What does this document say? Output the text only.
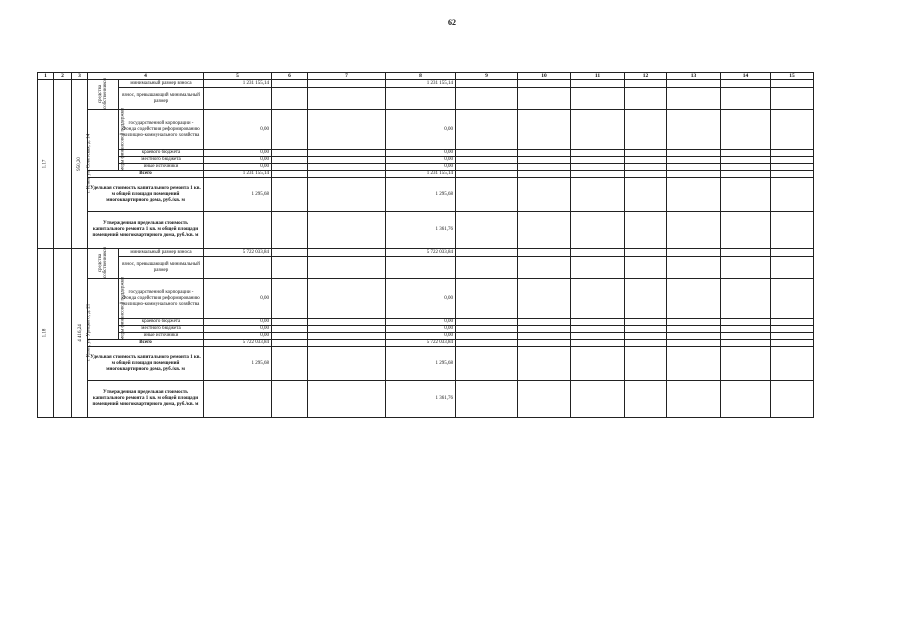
62
1	2	3	4		5	6	7	8	9	10	11	12	13	14	15
1.17	г. Клин, ул. Советская, д. 14	950,20	средства собственников	минимальный размер взноса	1 231 155,14			1 231 155,14							
				взнос, превышающий минимальный размер											
			меры финансовой поддержки	государственной корпорации - Фонда содействия реформированию жилищно-коммунального хозяйства	0,00			0,00							
				краевого бюджета	0,00			0,00							
				местного бюджета	0,00			0,00							
				иные источники	0,00			0,00							
			Всего		1 231 155,14			1 231 155,14							
			Удельная стоимость капитального ремонта 1 кв. м общей площади помещений многоквартирного дома, руб./кв. м		1 295,68			1 295,68							
			Утвержденная предельная стоимость капитального ремонта 1 кв. м общей площади помещений многоквартирного дома, руб./кв. м					1 361,76							
1.18	г. Клин, ул. Урицкого, д. 21	4 416,24	средства собственников	минимальный размер взноса	5 722 033,84			5 722 033,84							
				взнос, превышающий минимальный размер											
			меры финансовой поддержки	государственной корпорации - Фонда содействия реформированию жилищно-коммунального хозяйства	0,00			0,00							
				краевого бюджета	0,00			0,00							
				местного бюджета	0,00			0,00							
				иные источники	0,00			0,00							
			Всего		5 722 033,84			5 722 033,84							
			Удельная стоимость капитального ремонта 1 кв. м общей площади помещений многоквартирного дома, руб./кв. м		1 295,68			1 295,68							
			Утвержденная предельная стоимость капитального ремонта 1 кв. м общей площади помещений многоквартирного дома, руб./кв. м					1 361,76							
